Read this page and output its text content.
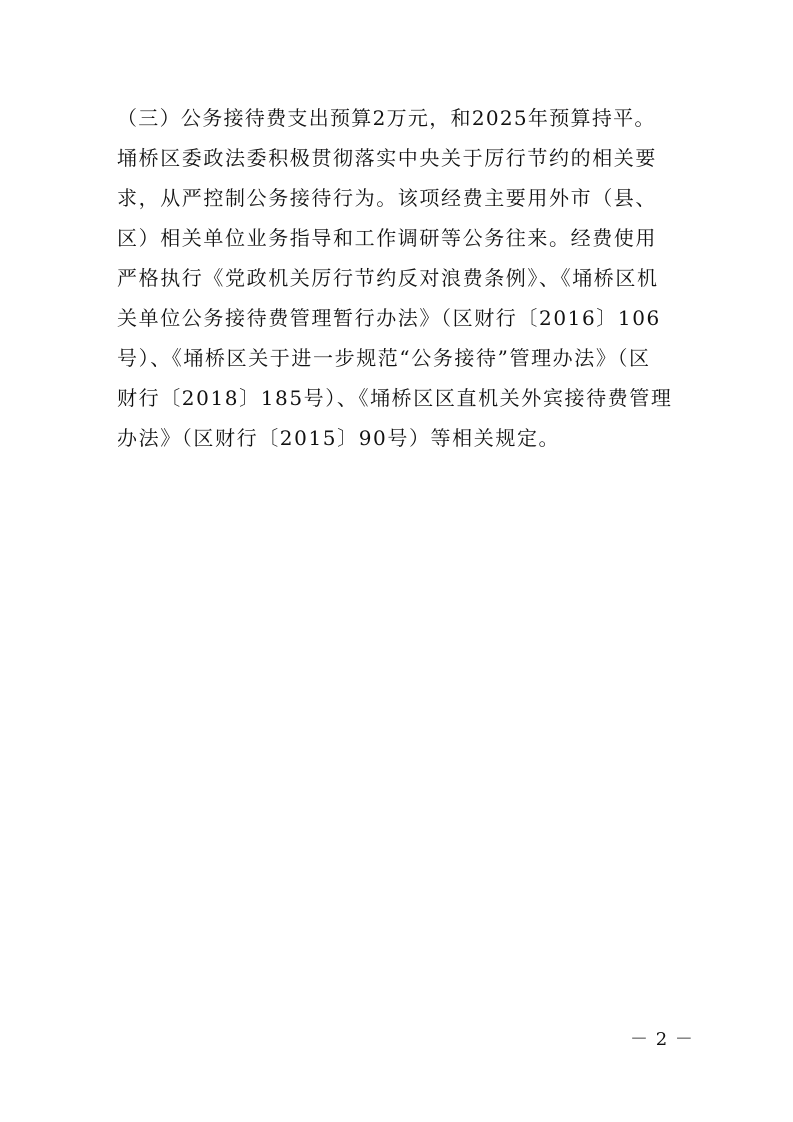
（三）公务接待费支出预算2万元，和2025年预算持平。
埇桥区委政法委积极贯彻落实中央关于厉行节约的相关要
求，从严控制公务接待行为。该项经费主要用外市（县、
区）相关单位业务指导和工作调研等公务往来。经费使用
严格执行《党政机关厉行节约反对浪费条例》、《埇桥区机
关单位公务接待费管理暂行办法》（区财行〔2016〕106
号）、《埇桥区关于进一步规范“公务接待”管理办法》（区
财行〔2018〕185号）、《埇桥区区直机关外宾接待费管理
办法》（区财行〔2015〕90号）等相关规定。
－ 2 －
